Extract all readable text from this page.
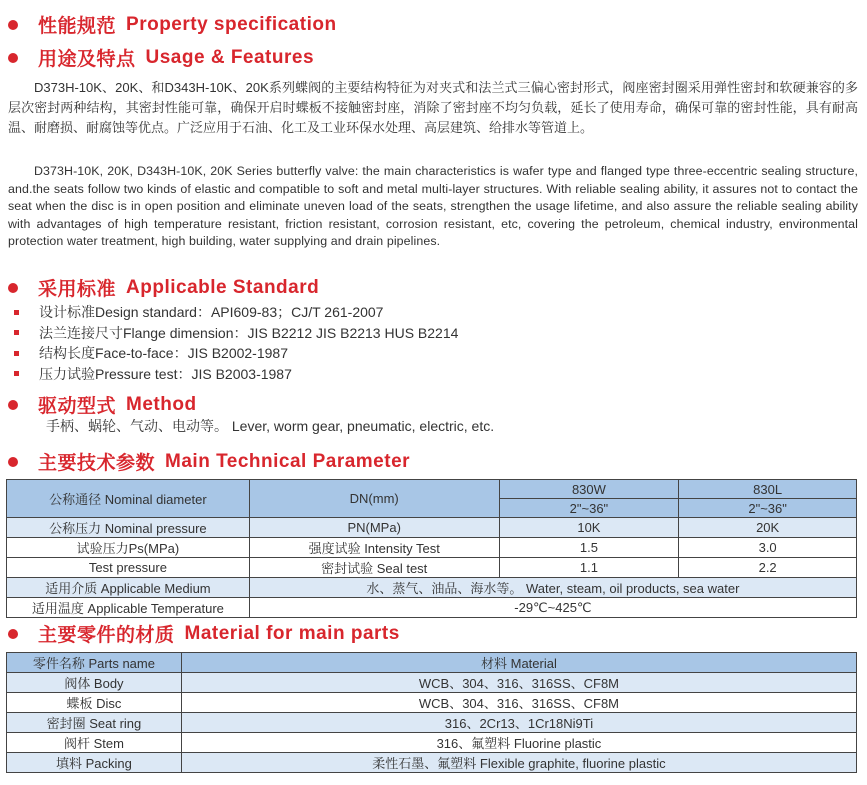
性能规范 Property specification
用途及特点 Usage & Features

D373H-10K、20K、和D343H-10K、20K系列蝶阀的主要结构特征为对夹式和法兰式三偏心密封形式，阀座密封圈采用弹性密封和软硬兼容的多层次密封两种结构，其密封性能可靠，确保开启时蝶板不接触密封座，消除了密封座不均匀负载，延长了使用寿命，确保可靠的密封性能，具有耐高温、耐磨损、耐腐蚀等优点。广泛应用于石油、化工及工业环保水处理、高层建筑、给排水等管道上。

D373H-10K, 20K, D343H-10K, 20K Series butterfly valve: the main characteristics is wafer type and flanged type three-eccentric sealing structure, and.the seats follow two kinds of elastic and compatible to soft and metal multi-layer structures. With reliable sealing ability, it assures not to contact the seat when the disc is in open position and eliminate uneven load of the seats, strengthen the usage lifetime, and also assure the reliable sealing ability with advantages of high temperature resistant, friction resistant, corrosion resistant, etc, covering the petroleum, chemical industry, environmental protection water treatment, high building, water supplying and drain pipelines.

采用标准 Applicable Standard
设计标准Design standard：API609-83；CJ/T 261-2007
法兰连接尺寸Flange dimension：JIS B2212 JIS B2213 HUS B2214
结构长度Face-to-face：JIS B2002-1987
压力试验Pressure test：JIS B2003-1987
驱动型式 Method
手柄、蜗轮、气动、电动等。 Lever, worm gear, pneumatic, electric, etc.
主要技术参数 Main Technical Parameter
公称通径 Nominal diameter	DN(mm)	830W	830L
		2"~36"	2"~36"
公称压力 Nominal pressure	PN(MPa)	10K	20K
试验压力Ps(MPa)	强度试验 Intensity Test	1.5	3.0
Test pressure	密封试验 Seal test	1.1	2.2
适用介质 Applicable Medium	水、蒸气、油品、海水等。 Water, steam, oil products, sea water		
适用温度 Applicable Temperature	-29℃~425℃		
主要零件的材质 Material for main parts
零件名称 Parts name	材料 Material
阀体 Body	WCB、304、316、316SS、CF8M
蝶板 Disc	WCB、304、316、316SS、CF8M
密封圈 Seat ring	316、2Cr13、1Cr18Ni9Ti
阀杆 Stem	316、氟塑料 Fluorine plastic
填料 Packing	柔性石墨、氟塑料 Flexible graphite, fluorine plastic
